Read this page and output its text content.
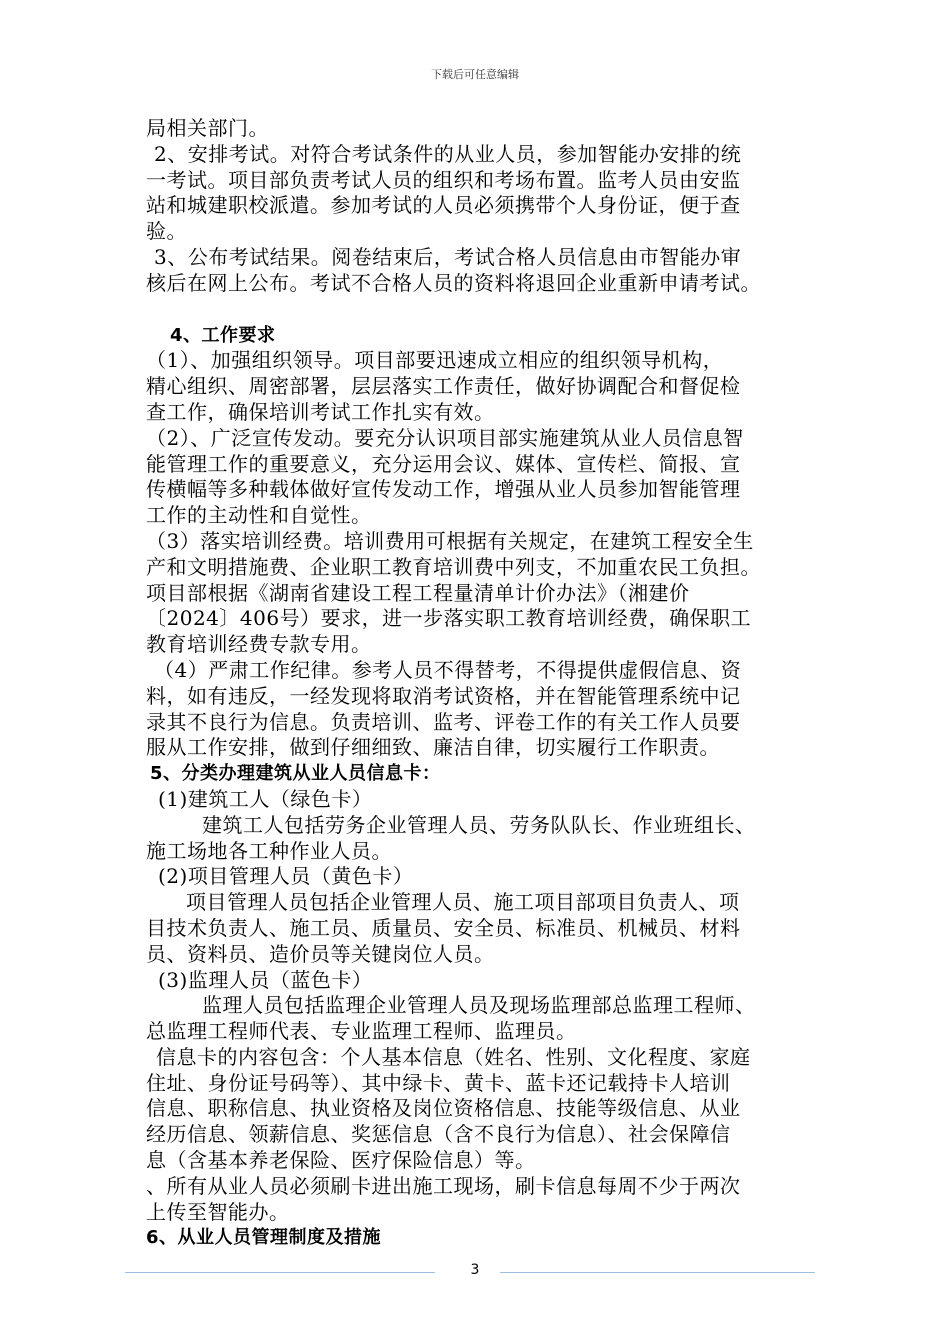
下载后可任意编辑
局相关部门。
2、安排考试。对符合考试条件的从业人员，参加智能办安排的统
一考试。项目部负责考试人员的组织和考场布置。监考人员由安监
站和城建职校派遣。参加考试的人员必须携带个人身份证，便于查
验。
3、公布考试结果。阅卷结束后，考试合格人员信息由市智能办审
核后在网上公布。考试不合格人员的资料将退回企业重新申请考试。
4、工作要求
（1）、加强组织领导。项目部要迅速成立相应的组织领导机构，
精心组织、周密部署，层层落实工作责任，做好协调配合和督促检
查工作，确保培训考试工作扎实有效。
（2）、广泛宣传发动。要充分认识项目部实施建筑从业人员信息智
能管理工作的重要意义，充分运用会议、媒体、宣传栏、简报、宣
传横幅等多种载体做好宣传发动工作，增强从业人员参加智能管理
工作的主动性和自觉性。
（3）落实培训经费。培训费用可根据有关规定，在建筑工程安全生
产和文明措施费、企业职工教育培训费中列支，不加重农民工负担。
项目部根据《湖南省建设工程工程量清单计价办法》（湘建价
〔2024〕406号）要求，进一步落实职工教育培训经费，确保职工
教育培训经费专款专用。
（4）严肃工作纪律。参考人员不得替考，不得提供虚假信息、资
料，如有违反，一经发现将取消考试资格，并在智能管理系统中记
录其不良行为信息。负责培训、监考、评卷工作的有关工作人员要
服从工作安排，做到仔细细致、廉洁自律，切实履行工作职责。
5、分类办理建筑从业人员信息卡：
(1)建筑工人（绿色卡）
建筑工人包括劳务企业管理人员、劳务队队长、作业班组长、
施工场地各工种作业人员。
(2)项目管理人员（黄色卡）
项目管理人员包括企业管理人员、施工项目部项目负责人、项
目技术负责人、施工员、质量员、安全员、标准员、机械员、材料
员、资料员、造价员等关键岗位人员。
(3)监理人员（蓝色卡）
监理人员包括监理企业管理人员及现场监理部总监理工程师、
总监理工程师代表、专业监理工程师、监理员。
信息卡的内容包含：个人基本信息（姓名、性别、文化程度、家庭
住址、身份证号码等）、其中绿卡、黄卡、蓝卡还记载持卡人培训
信息、职称信息、执业资格及岗位资格信息、技能等级信息、从业
经历信息、领薪信息、奖惩信息（含不良行为信息）、社会保障信
息（含基本养老保险、医疗保险信息）等。
、所有从业人员必须刷卡进出施工现场，刷卡信息每周不少于两次
上传至智能办。
6、从业人员管理制度及措施
3
